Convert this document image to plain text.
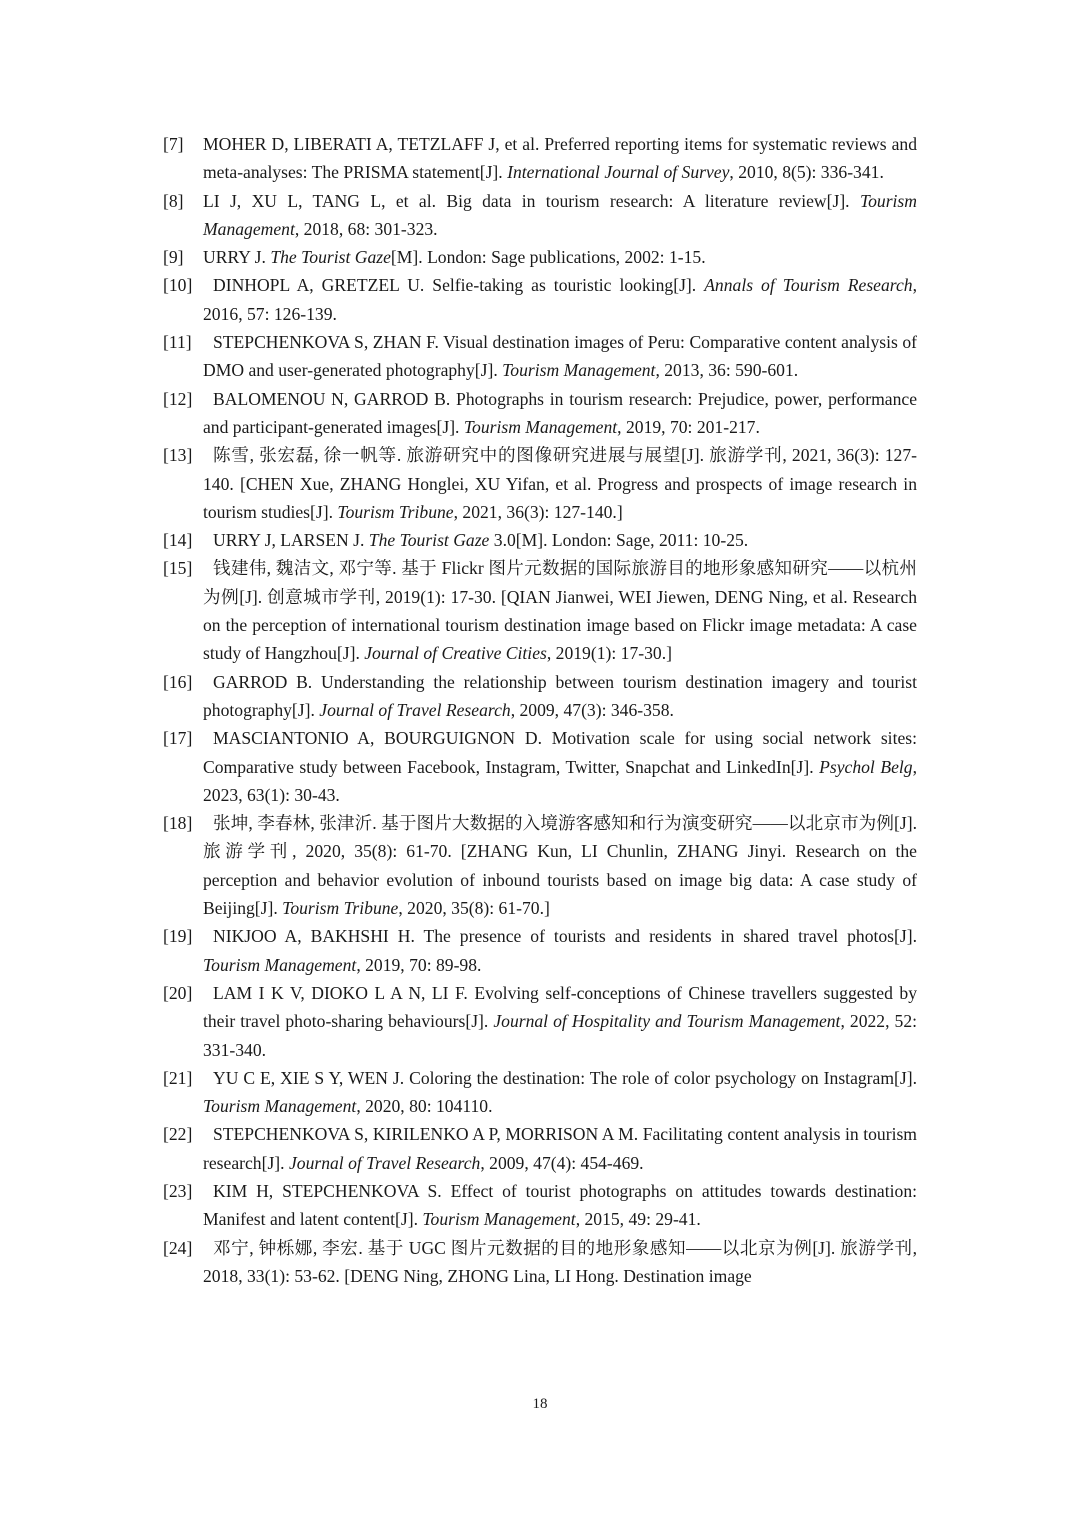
[7] MOHER D, LIBERATI A, TETZLAFF J, et al. Preferred reporting items for systematic reviews and meta-analyses: The PRISMA statement[J]. International Journal of Survey, 2010, 8(5): 336-341.
[8] LI J, XU L, TANG L, et al. Big data in tourism research: A literature review[J]. Tourism Management, 2018, 68: 301-323.
[9] URRY J. The Tourist Gaze[M]. London: Sage publications, 2002: 1-15.
[10]	DINHOPL A, GRETZEL U. Selfie-taking as touristic looking[J]. Annals of Tourism Research, 2016, 57: 126-139.
[11]	STEPCHENKOVA S, ZHAN F. Visual destination images of Peru: Comparative content analysis of DMO and user-generated photography[J]. Tourism Management, 2013, 36: 590-601.
[12]	BALOMENOU N, GARROD B. Photographs in tourism research: Prejudice, power, performance and participant-generated images[J]. Tourism Management, 2019, 70: 201-217.
[13]	陈雪, 张宏磊, 徐一帆等. 旅游研究中的图像研究进展与展望[J]. 旅游学刊, 2021, 36(3): 127-140. [CHEN Xue, ZHANG Honglei, XU Yifan, et al. Progress and prospects of image research in tourism studies[J]. Tourism Tribune, 2021, 36(3): 127-140.]
[14]	URRY J, LARSEN J. The Tourist Gaze 3.0[M]. London: Sage, 2011: 10-25.
[15]	钱建伟, 魏洁文, 邓宁等. 基于 Flickr 图片元数据的国际旅游目的地形象感知研究——以杭州为例[J]. 创意城市学刊, 2019(1): 17-30. [QIAN Jianwei, WEI Jiewen, DENG Ning, et al. Research on the perception of international tourism destination image based on Flickr image metadata: A case study of Hangzhou[J]. Journal of Creative Cities, 2019(1): 17-30.]
[16]	GARROD B. Understanding the relationship between tourism destination imagery and tourist photography[J]. Journal of Travel Research, 2009, 47(3): 346-358.
[17]	MASCIANTONIO A, BOURGUIGNON D. Motivation scale for using social network sites: Comparative study between Facebook, Instagram, Twitter, Snapchat and LinkedIn[J]. Psychol Belg, 2023, 63(1): 30-43.
[18]	张坤, 李春林, 张津沂. 基于图片大数据的入境游客感知和行为演变研究——以北京市为例[J]. 旅游学刊, 2020, 35(8): 61-70. [ZHANG Kun, LI Chunlin, ZHANG Jinyi. Research on the perception and behavior evolution of inbound tourists based on image big data: A case study of Beijing[J]. Tourism Tribune, 2020, 35(8): 61-70.]
[19]	NIKJOO A, BAKHSHI H. The presence of tourists and residents in shared travel photos[J]. Tourism Management, 2019, 70: 89-98.
[20]	LAM I K V, DIOKO L A N, LI F. Evolving self-conceptions of Chinese travellers suggested by their travel photo-sharing behaviours[J]. Journal of Hospitality and Tourism Management, 2022, 52: 331-340.
[21]	YU C E, XIE S Y, WEN J. Coloring the destination: The role of color psychology on Instagram[J]. Tourism Management, 2020, 80: 104110.
[22]	STEPCHENKOVA S, KIRILENKO A P, MORRISON A M. Facilitating content analysis in tourism research[J]. Journal of Travel Research, 2009, 47(4): 454-469.
[23]	KIM H, STEPCHENKOVA S. Effect of tourist photographs on attitudes towards destination: Manifest and latent content[J]. Tourism Management, 2015, 49: 29-41.
[24]	邓宁, 钟栎娜, 李宏. 基于 UGC 图片元数据的目的地形象感知——以北京为例[J]. 旅游学刊, 2018, 33(1): 53-62. [DENG Ning, ZHONG Lina, LI Hong. Destination image
18
